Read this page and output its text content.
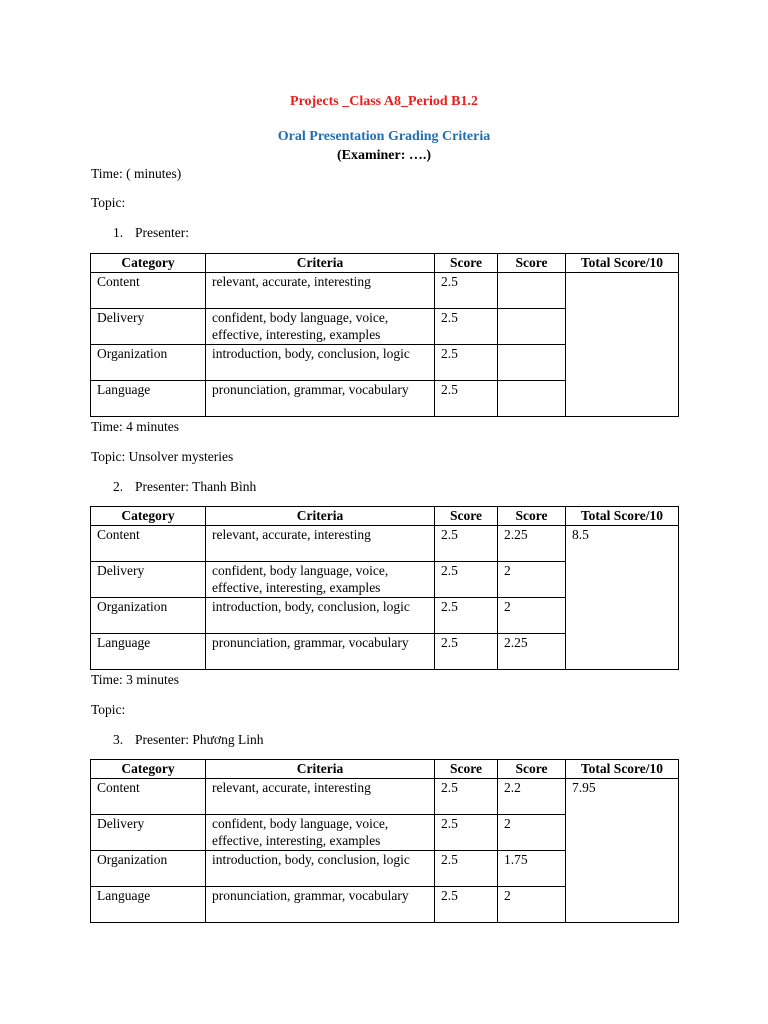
Projects _Class A8_Period B1.2
Oral Presentation Grading Criteria
(Examiner: ….)
Time: ( minutes)
Topic:
1. Presenter:
Category	Criteria	Score	Score	Total Score/10
Content	relevant, accurate, interesting	2.5		
Delivery	confident, body language, voice, effective, interesting, examples	2.5		
Organization	introduction, body, conclusion, logic	2.5		
Language	pronunciation, grammar, vocabulary	2.5		
Time: 4 minutes
Topic: Unsolver mysteries
2. Presenter: Thanh Bình
Category	Criteria	Score	Score	Total Score/10
Content	relevant, accurate, interesting	2.5	2.25	8.5
Delivery	confident, body language, voice, effective, interesting, examples	2.5	2	
Organization	introduction, body, conclusion, logic	2.5	2	
Language	pronunciation, grammar, vocabulary	2.5	2.25	
Time: 3 minutes
Topic:
3. Presenter: Phương Linh
Category	Criteria	Score	Score	Total Score/10
Content	relevant, accurate, interesting	2.5	2.2	7.95
Delivery	confident, body language, voice, effective, interesting, examples	2.5	2	
Organization	introduction, body, conclusion, logic	2.5	1.75	
Language	pronunciation, grammar, vocabulary	2.5	2	
